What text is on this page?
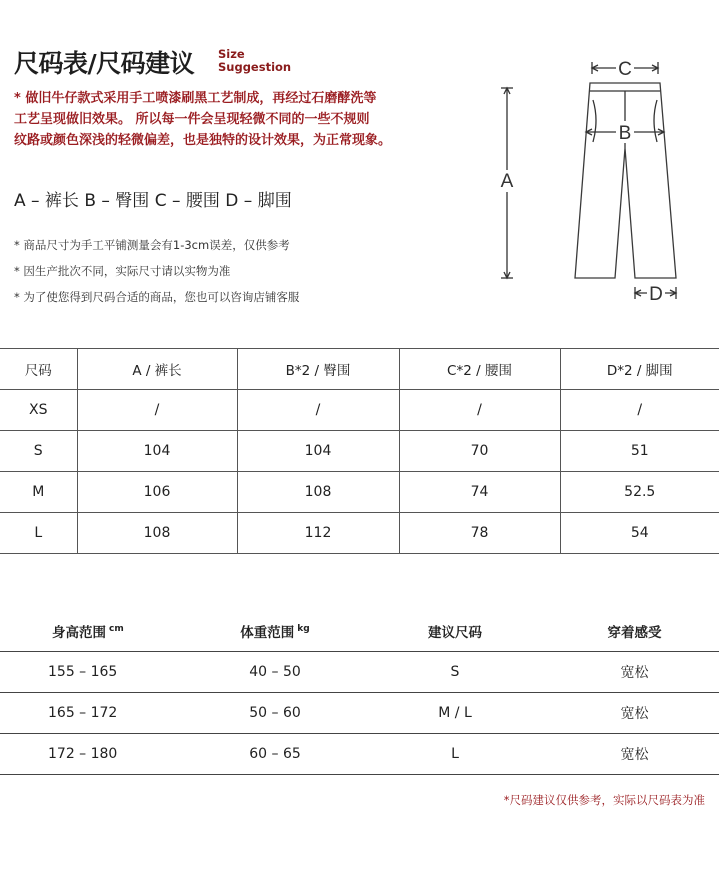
尺码表/尺码建议 Size
Suggestion
* 做旧牛仔款式采用手工喷漆刷黑工艺制成，再经过石磨酵洗等
工艺呈现做旧效果。 所以每一件会呈现轻微不同的一些不规则
纹路或颜色深浅的轻微偏差，也是独特的设计效果，为正常现象。
A – 裤长 B – 臀围 C – 腰围 D – 脚围
* 商品尺寸为手工平铺测量会有1-3cm误差，仅供参考
* 因生产批次不同，实际尺寸请以实物为准
* 为了使您得到尺码合适的商品，您也可以咨询店铺客服
C
B
A
D
尺码	A / 裤长	B*2 / 臀围	C*2 / 腰围	D*2 / 脚围
XS	/	/	/	/
S	104	104	70	51
M	106	108	74	52.5
L	108	112	78	54
身高范围 $^{cm}$	体重范围 $^{kg}$	建议尺码	穿着感受
155 – 165	40 – 50	S	宽松
165 – 172	50 – 60	M / L	宽松
172 – 180	60 – 65	L	宽松
*尺码建议仅供参考，实际以尺码表为准
